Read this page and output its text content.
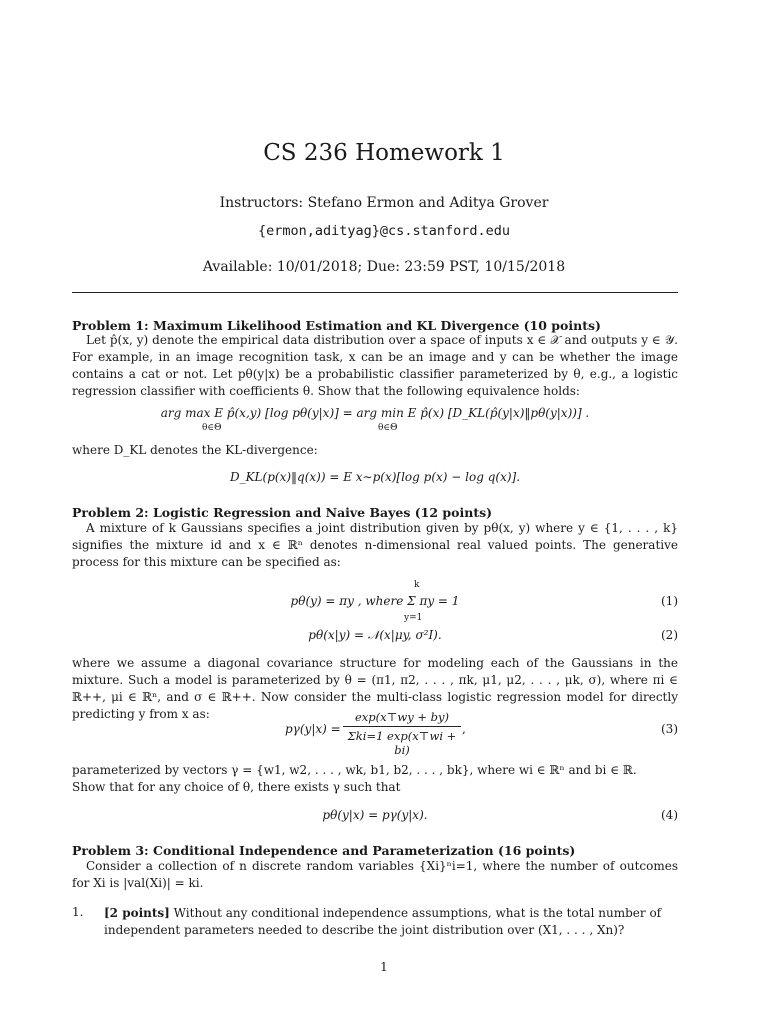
CS 236 Homework 1

Instructors: Stefano Ermon and Aditya Grover

{ermon,adityag}@cs.stanford.edu

Available: 10/01/2018; Due: 23:59 PST, 10/15/2018

Problem 1: Maximum Likelihood Estimation and KL Divergence (10 points)

Let p̂(x, y) denote the empirical data distribution over a space of inputs x ∈ 𝒳 and outputs y ∈ 𝒴. For example, in an image recognition task, x can be an image and y can be whether the image contains a cat or not. Let pθ(y|x) be a probabilistic classifier parameterized by θ, e.g., a logistic regression classifier with coefficients θ. Show that the following equivalence holds:

arg max E p̂(x,y) [log pθ(y|x)] = arg min E p̂(x) [D_KL(p̂(y|x)‖pθ(y|x))] .

θ∈Θ	θ∈Θ

where D_KL denotes the KL-divergence:

D_KL(p(x)‖q(x)) = E x∼p(x)[log p(x) − log q(x)].

Problem 2: Logistic Regression and Naive Bayes (12 points)

A mixture of k Gaussians specifies a joint distribution given by pθ(x, y) where y ∈ {1, . . . , k} signifies the mixture id and x ∈ ℝⁿ denotes n-dimensional real valued points. The generative process for this mixture can be specified as:

k

pθ(y) = πy , where Σ πy = 1

y=1

(1)

pθ(x|y) = 𝒩(x|μy, σ²I).	(2)

where we assume a diagonal covariance structure for modeling each of the Gaussians in the mixture. Such a model is parameterized by θ = (π1, π2, . . . , πk, μ1, μ2, . . . , μk, σ), where πi ∈ ℝ++, μi ∈ ℝⁿ, and σ ∈ ℝ++. Now consider the multi-class logistic regression model for directly predicting y from x as:

pγ(y|x) =

exp(x⊤wy + by)
Σki=1 exp(x⊤wi + bi)

,	(3)

parameterized by vectors γ = {w1, w2, . . . , wk, b1, b2, . . . , bk}, where wi ∈ ℝⁿ and bi ∈ ℝ.

Show that for any choice of θ, there exists γ such that

pθ(y|x) = pγ(y|x).	(4)

Problem 3: Conditional Independence and Parameterization (16 points)

Consider a collection of n discrete random variables {Xi}ⁿi=1, where the number of outcomes for Xi is |val(Xi)| = ki.

1. [2 points] Without any conditional independence assumptions, what is the total number of independent parameters needed to describe the joint distribution over (X1, . . . , Xn)?

1
